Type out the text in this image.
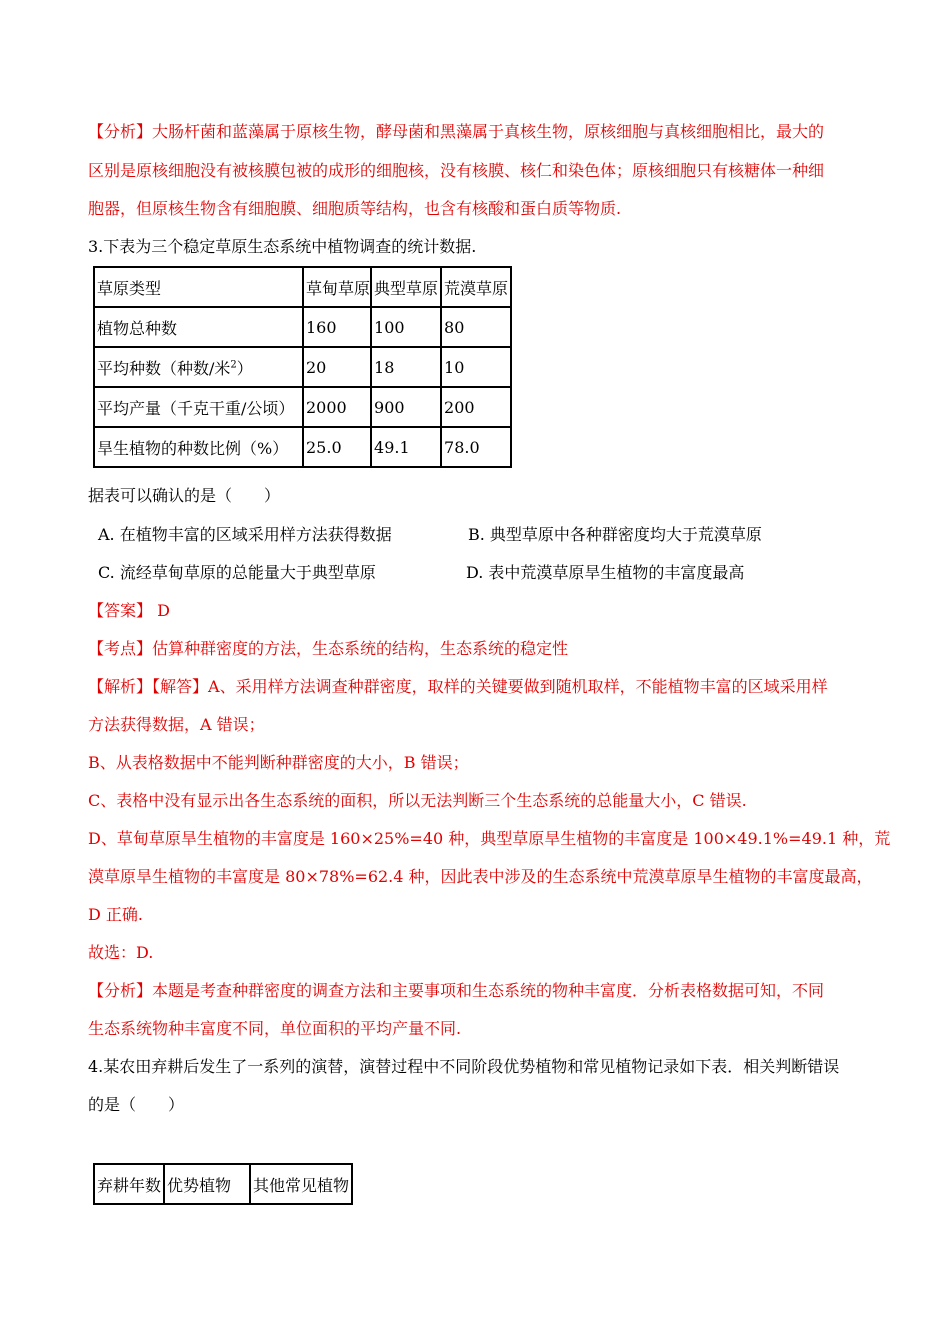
【分析】大肠杆菌和蓝藻属于原核生物，酵母菌和黑藻属于真核生物，原核细胞与真核细胞相比，最大的
区别是原核细胞没有被核膜包被的成形的细胞核，没有核膜、核仁和染色体；原核细胞只有核糖体一种细
胞器，但原核生物含有细胞膜、细胞质等结构，也含有核酸和蛋白质等物质.
3.下表为三个稳定草原生态系统中植物调查的统计数据.
草原类型	草甸草原	典型草原	荒漠草原
植物总种数	160	100	80
平均种数（种数/米$^2$）	20	18	10
平均产量（千克干重/公顷）	2000	900	200
旱生植物的种数比例（%）	25.0	49.1	78.0
据表可以确认的是（　　）
A. 在植物丰富的区域采用样方法获得数据	B. 典型草原中各种群密度均大于荒漠草原
C. 流经草甸草原的总能量大于典型草原	D. 表中荒漠草原旱生植物的丰富度最高
【答案】 D
【考点】估算种群密度的方法，生态系统的结构，生态系统的稳定性
【解析】【解答】A、采用样方法调查种群密度，取样的关键要做到随机取样，不能植物丰富的区域采用样
方法获得数据，A 错误；
B、从表格数据中不能判断种群密度的大小，B 错误；
C、表格中没有显示出各生态系统的面积，所以无法判断三个生态系统的总能量大小，C 错误.
D、草甸草原旱生植物的丰富度是 160×25%=40 种，典型草原旱生植物的丰富度是 100×49.1%=49.1 种，荒
漠草原旱生植物的丰富度是 80×78%=62.4 种，因此表中涉及的生态系统中荒漠草原旱生植物的丰富度最高，
D 正确.
故选：D.
【分析】本题是考查种群密度的调查方法和主要事项和生态系统的物种丰富度．分析表格数据可知，不同
生态系统物种丰富度不同，单位面积的平均产量不同.
4.某农田弃耕后发生了一系列的演替，演替过程中不同阶段优势植物和常见植物记录如下表．相关判断错误
的是（　　）
弃耕年数	优势植物	其他常见植物
